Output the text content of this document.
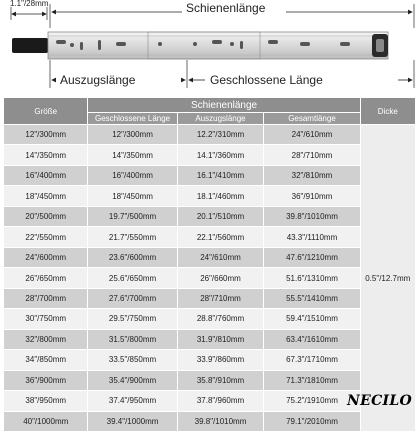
1.1"/28mm	Schienenlänge
Auszugslänge	Geschlossene Länge
Größe	Schienenlänge			Dicke
	Geschlossene Länge	Auszugslänge	Gesamtlänge	
12"/300mm	12"/300mm	12.2"/310mm	24"/610mm	0.5"/12.7mm
14"/350mm	14"/350mm	14.1"/360mm	28"/710mm	
16"/400mm	16"/400mm	16.1"/410mm	32"/810mm	
18"/450mm	18"/450mm	18.1"/460mm	36"/910mm	
20"/500mm	19.7"/500mm	20.1"/510mm	39.8"/1010mm	
22"/550mm	21.7"/550mm	22.1"/560mm	43.3"/1110mm	
24"/600mm	23.6"/600mm	24"/610mm	47.6"/1210mm	
26"/650mm	25.6"/650mm	26"/660mm	51.6"/1310mm	
28"/700mm	27.6"/700mm	28"/710mm	55.5"/1410mm	
30"/750mm	29.5"/750mm	28.8"/760mm	59.4"/1510mm	
32"/800mm	31.5"/800mm	31.9"/810mm	63.4"/1610mm	
34"/850mm	33.5"/850mm	33.9"/860mm	67.3"/1710mm	
36"/900mm	35.4"/900mm	35.8"/910mm	71.3"/1810mm	
38"/950mm	37.4"/950mm	37.8"/960mm	75.2"/1910mm	
40"/1000mm	39.4"/1000mm	39.8"/1010mm	79.1"/2010mm	
NECILO
